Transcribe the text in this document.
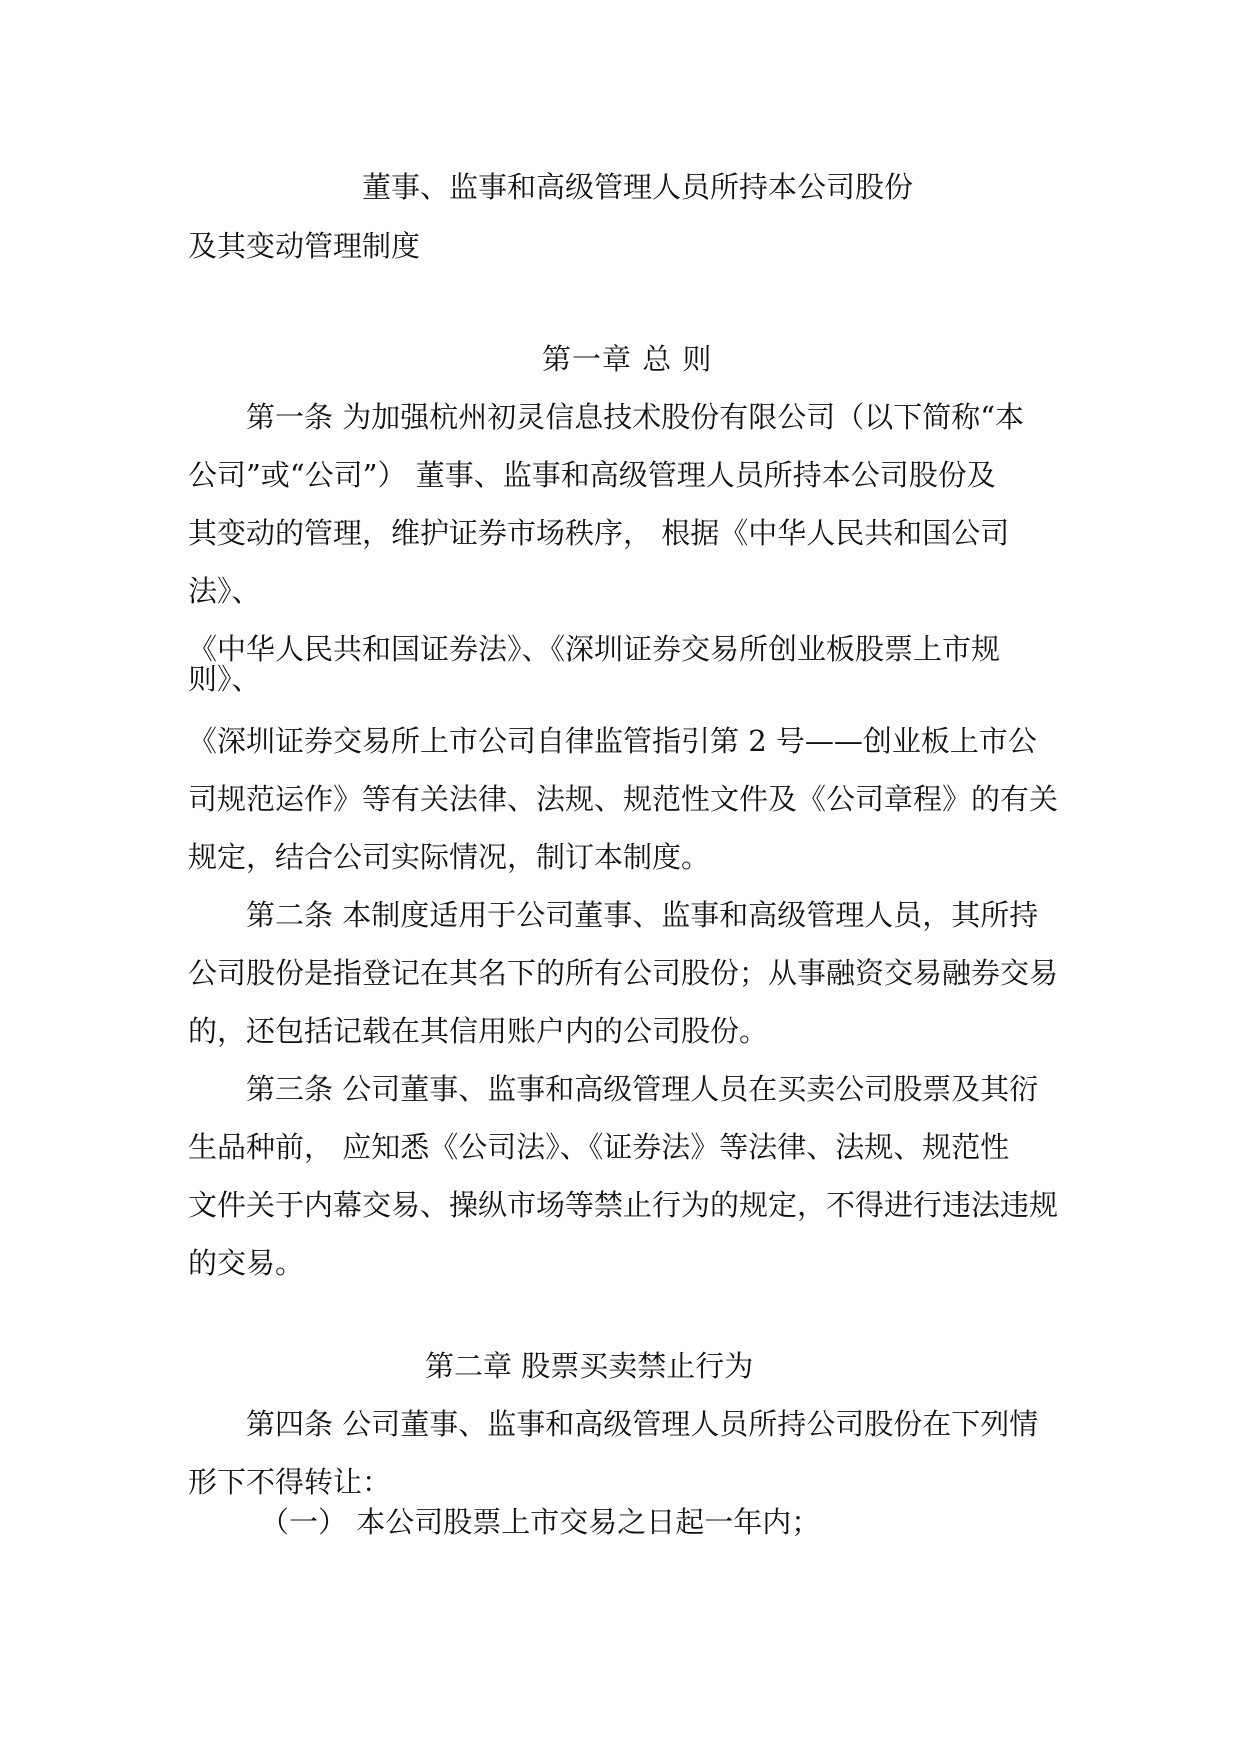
董事、监事和高级管理人员所持本公司股份

及其变动管理制度

第一章 总 则

第一条 为加强杭州初灵信息技术股份有限公司（以下简称“本

公司”或“公司”） 董事、监事和高级管理人员所持本公司股份及

其变动的管理，维护证券市场秩序， 根据《中华人民共和国公司

法》、

《中华人民共和国证券法》、《深圳证券交易所创业板股票上市规

则》、

《深圳证券交易所上市公司自律监管指引第 2 号——创业板上市公

司规范运作》等有关法律、法规、规范性文件及《公司章程》的有关

规定，结合公司实际情况，制订本制度。

第二条 本制度适用于公司董事、监事和高级管理人员，其所持

公司股份是指登记在其名下的所有公司股份；从事融资交易融券交易

的，还包括记载在其信用账户内的公司股份。

第三条 公司董事、监事和高级管理人员在买卖公司股票及其衍

生品种前， 应知悉《公司法》、《证券法》等法律、法规、规范性

文件关于内幕交易、操纵市场等禁止行为的规定，不得进行违法违规

的交易。

第二章 股票买卖禁止行为

第四条 公司董事、监事和高级管理人员所持公司股份在下列情

形下不得转让：

（一） 本公司股票上市交易之日起一年内；
